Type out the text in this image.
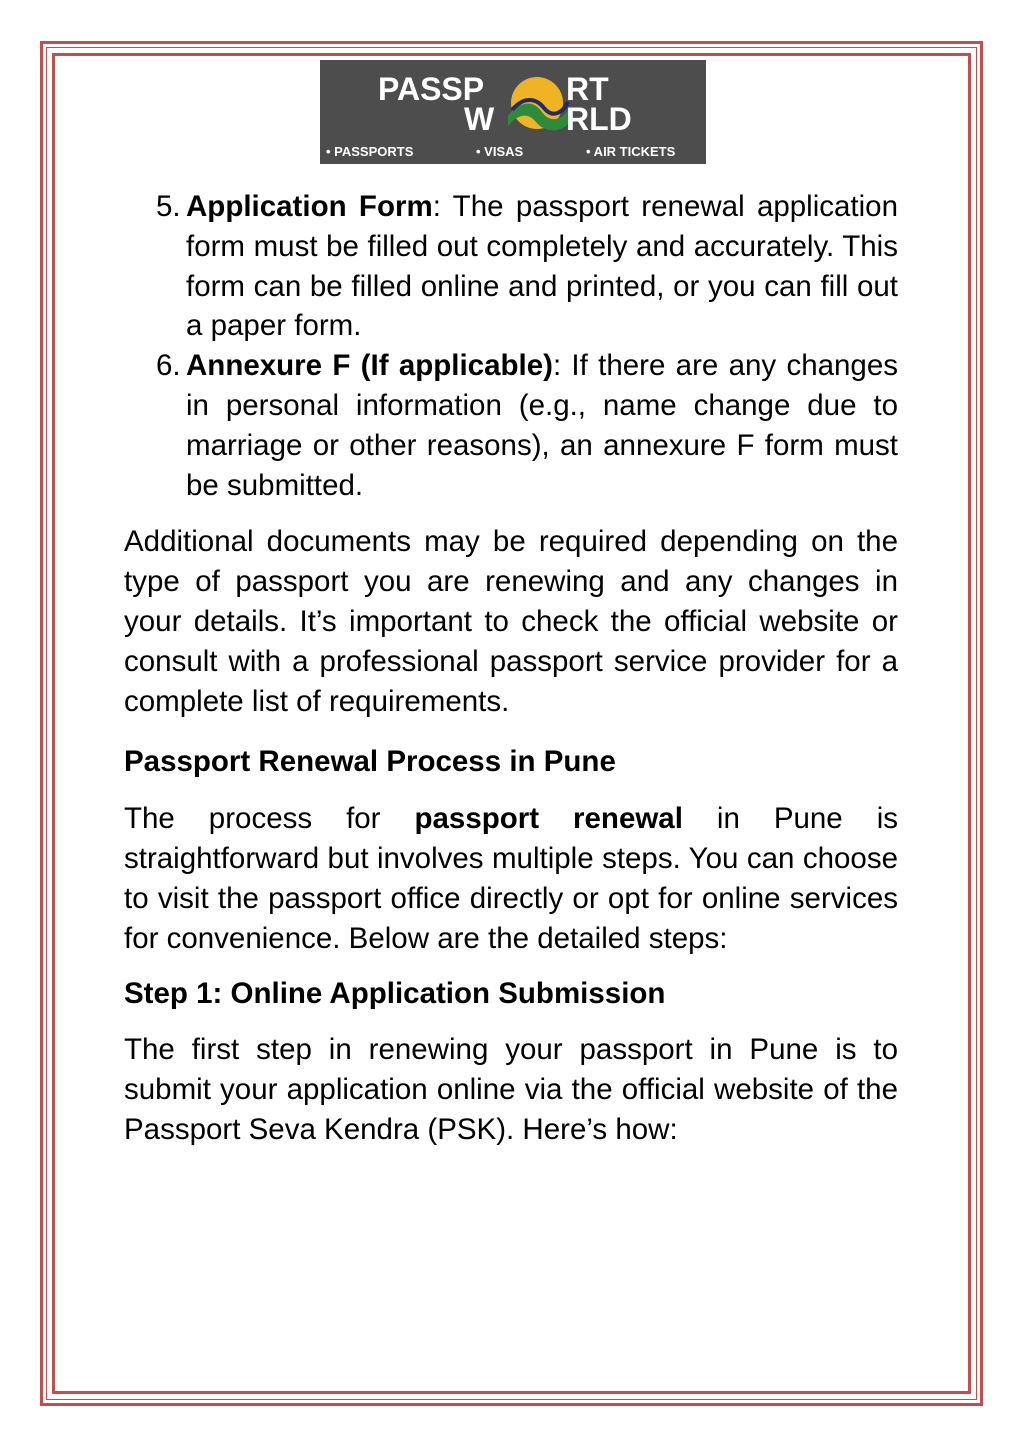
PASSP	RT
W RLD
• PASSPORTS	• VISAS	• AIR TICKETS
5. Application Form: The passport renewal application form must be filled out completely and accurately. This form can be filled online and printed, or you can fill out a paper form.
6. Annexure F (If applicable): If there are any changes in personal information (e.g., name change due to marriage or other reasons), an annexure F form must be submitted.

Additional documents may be required depending on the type of passport you are renewing and any changes in your details. It’s important to check the official website or consult with a professional passport service provider for a complete list of requirements.

Passport Renewal Process in Pune

The process for passport renewal in Pune is straightforward but involves multiple steps. You can choose to visit the passport office directly or opt for online services for convenience. Below are the detailed steps:

Step 1: Online Application Submission

The first step in renewing your passport in Pune is to submit your application online via the official website of the Passport Seva Kendra (PSK). Here’s how:
